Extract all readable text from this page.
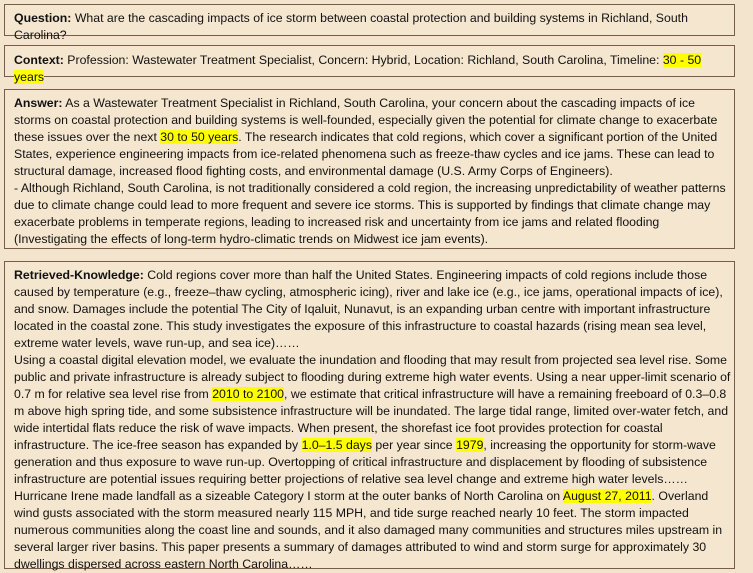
Question: What are the cascading impacts of ice storm between coastal protection and building systems in Richland, South Carolina?

Context: Profession: Wastewater Treatment Specialist, Concern: Hybrid, Location: Richland, South Carolina, Timeline: 30 - 50 years

Answer: As a Wastewater Treatment Specialist in Richland, South Carolina, your concern about the cascading impacts of ice storms on coastal protection and building systems is well-founded, especially given the potential for climate change to exacerbate these issues over the next 30 to 50 years. The research indicates that cold regions, which cover a significant portion of the United States, experience engineering impacts from ice-related phenomena such as freeze-thaw cycles and ice jams. These can lead to structural damage, increased flood fighting costs, and environmental damage (U.S. Army Corps of Engineers).

- Although Richland, South Carolina, is not traditionally considered a cold region, the increasing unpredictability of weather patterns due to climate change could lead to more frequent and severe ice storms. This is supported by findings that climate change may exacerbate problems in temperate regions, leading to increased risk and uncertainty from ice jams and related flooding (Investigating the effects of long-term hydro-climatic trends on Midwest ice jam events).

Retrieved-Knowledge: Cold regions cover more than half the United States. Engineering impacts of cold regions include those caused by temperature (e.g., freeze–thaw cycling, atmospheric icing), river and lake ice (e.g., ice jams, operational impacts of ice), and snow. Damages include the potential The City of Iqaluit, Nunavut, is an expanding urban centre with important infrastructure located in the coastal zone. This study investigates the exposure of this infrastructure to coastal hazards (rising mean sea level, extreme water levels, wave run-up, and sea ice)……

Using a coastal digital elevation model, we evaluate the inundation and flooding that may result from projected sea level rise. Some public and private infrastructure is already subject to flooding during extreme high water events. Using a near upper-limit scenario of 0.7 m for relative sea level rise from 2010 to 2100, we estimate that critical infrastructure will have a remaining freeboard of 0.3–0.8 m above high spring tide, and some subsistence infrastructure will be inundated. The large tidal range, limited over-water fetch, and wide intertidal flats reduce the risk of wave impacts. When present, the shorefast ice foot provides protection for coastal infrastructure. The ice-free season has expanded by 1.0–1.5 days per year since 1979, increasing the opportunity for storm-wave generation and thus exposure to wave run-up. Overtopping of critical infrastructure and displacement by flooding of subsistence infrastructure are potential issues requiring better projections of relative sea level change and extreme high water levels……

Hurricane Irene made landfall as a sizeable Category I storm at the outer banks of North Carolina on August 27, 2011. Overland wind gusts associated with the storm measured nearly 115 MPH, and tide surge reached nearly 10 feet. The storm impacted numerous communities along the coast line and sounds, and it also damaged many communities and structures miles upstream in several larger river basins. This paper presents a summary of damages attributed to wind and storm surge for approximately 30 dwellings dispersed across eastern North Carolina……
